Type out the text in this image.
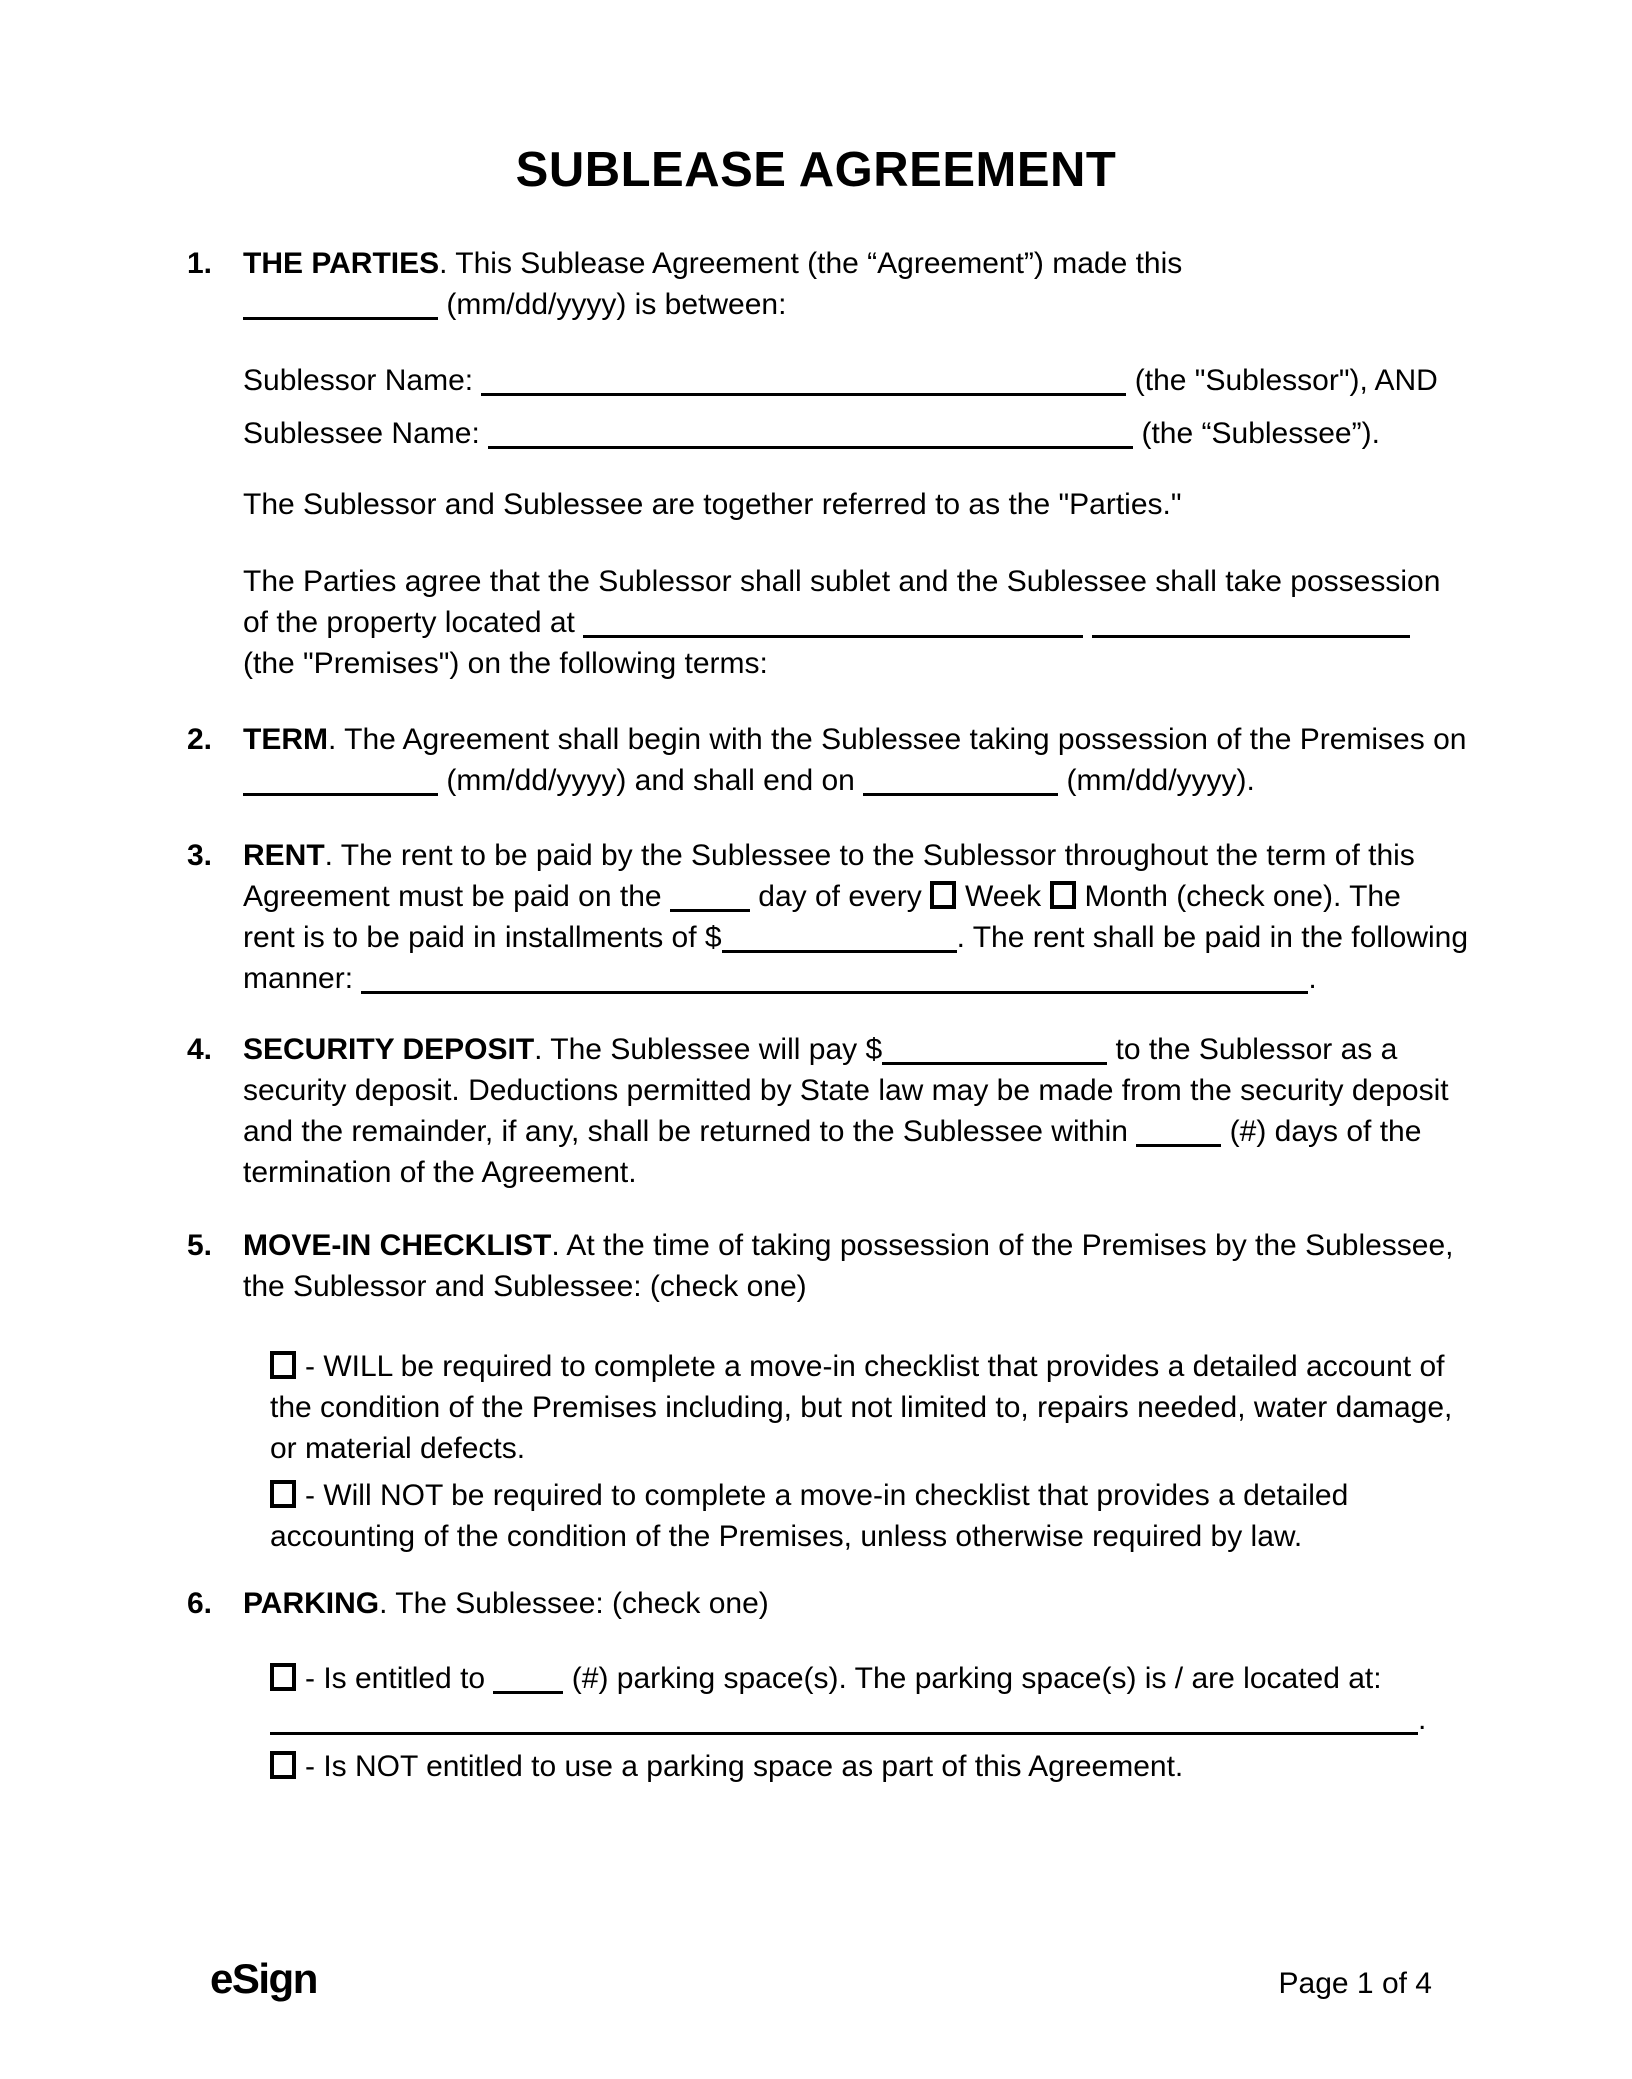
SUBLEASE AGREEMENT
1.	THE PARTIES. This Sublease Agreement (the “Agreement”) made this
(mm/dd/yyyy) is between:
Sublessor Name:	(the "Sublessor"), AND
Sublessee Name:	(the “Sublessee”).
The Sublessor and Sublessee are together referred to as the "Parties."
The Parties agree that the Sublessor shall sublet and the Sublessee shall take possession
of the property located at
(the "Premises") on the following terms:
2.	TERM. The Agreement shall begin with the Sublessee taking possession of the Premises on
(mm/dd/yyyy) and shall end on	(mm/dd/yyyy).
3.	RENT. The rent to be paid by the Sublessee to the Sublessor throughout the term of this
Agreement must be paid on the	day of every Week Month (check one). The
rent is to be paid in installments of $	. The rent shall be paid in the following
manner:	.
4.	SECURITY DEPOSIT. The Sublessee will pay $	to the Sublessor as a
security deposit. Deductions permitted by State law may be made from the security deposit
and the remainder, if any, shall be returned to the Sublessee within	(#) days of the
termination of the Agreement.
5.	MOVE-IN CHECKLIST. At the time of taking possession of the Premises by the Sublessee,
the Sublessor and Sublessee: (check one)
- WILL be required to complete a move-in checklist that provides a detailed account of
the condition of the Premises including, but not limited to, repairs needed, water damage,
or material defects.
- Will NOT be required to complete a move-in checklist that provides a detailed
accounting of the condition of the Premises, unless otherwise required by law.
6.	PARKING. The Sublessee: (check one)
- Is entitled to  (#) parking space(s). The parking space(s) is / are located at:
.
- Is NOT entitled to use a parking space as part of this Agreement.
eSign	Page 1 of 4
